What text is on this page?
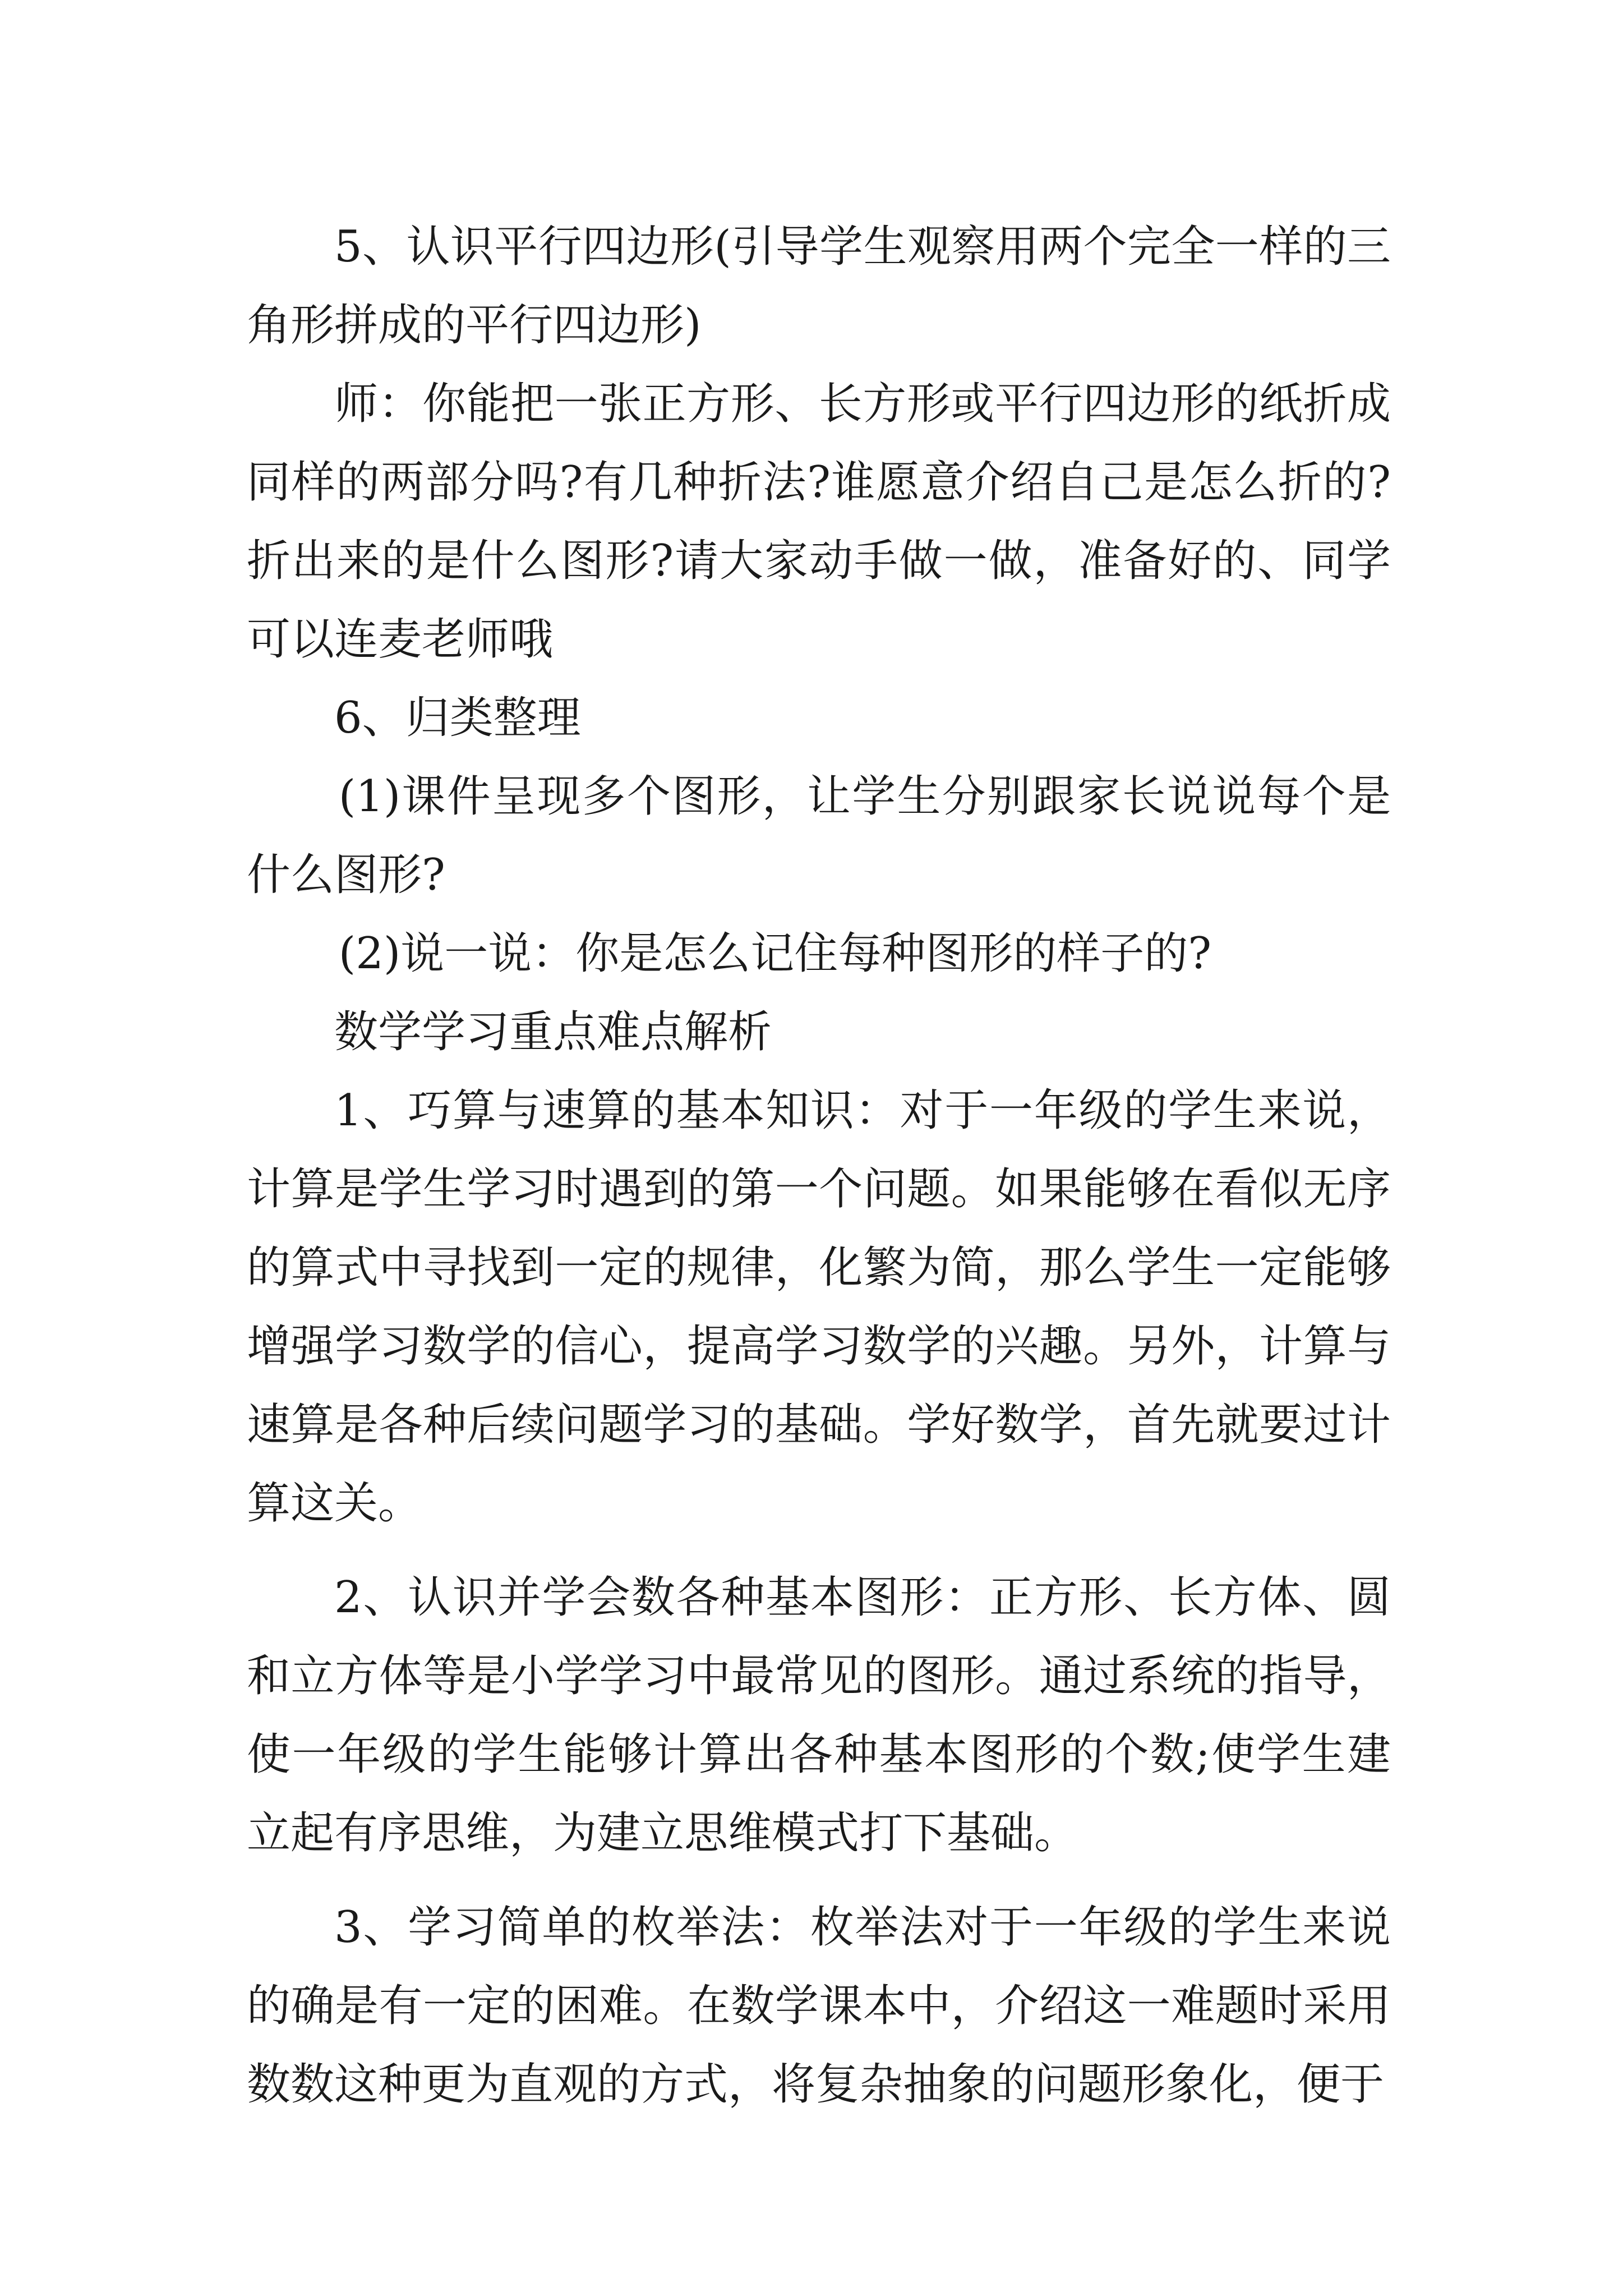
5、认识平行四边形(引导学生观察用两个完全一样的三角形拼成的平行四边形)

师：你能把一张正方形、长方形或平行四边形的纸折成同样的两部分吗?有几种折法?谁愿意介绍自己是怎么折的?折出来的是什么图形?请大家动手做一做，准备好的、同学可以连麦老师哦

6、归类整理

(1)课件呈现多个图形，让学生分别跟家长说说每个是什么图形?

(2)说一说：你是怎么记住每种图形的样子的?

数学学习重点难点解析

1、巧算与速算的基本知识：对于一年级的学生来说，计算是学生学习时遇到的第一个问题。如果能够在看似无序的算式中寻找到一定的规律，化繁为简，那么学生一定能够增强学习数学的信心，提高学习数学的兴趣。另外，计算与速算是各种后续问题学习的基础。学好数学，首先就要过计算这关。

2、认识并学会数各种基本图形：正方形、长方体、圆和立方体等是小学学习中最常见的图形。通过系统的指导，使一年级的学生能够计算出各种基本图形的个数;使学生建立起有序思维，为建立思维模式打下基础。

3、学习简单的枚举法：枚举法对于一年级的学生来说的确是有一定的困难。在数学课本中，介绍这一难题时采用数数这种更为直观的方式，将复杂抽象的问题形象化，便于
